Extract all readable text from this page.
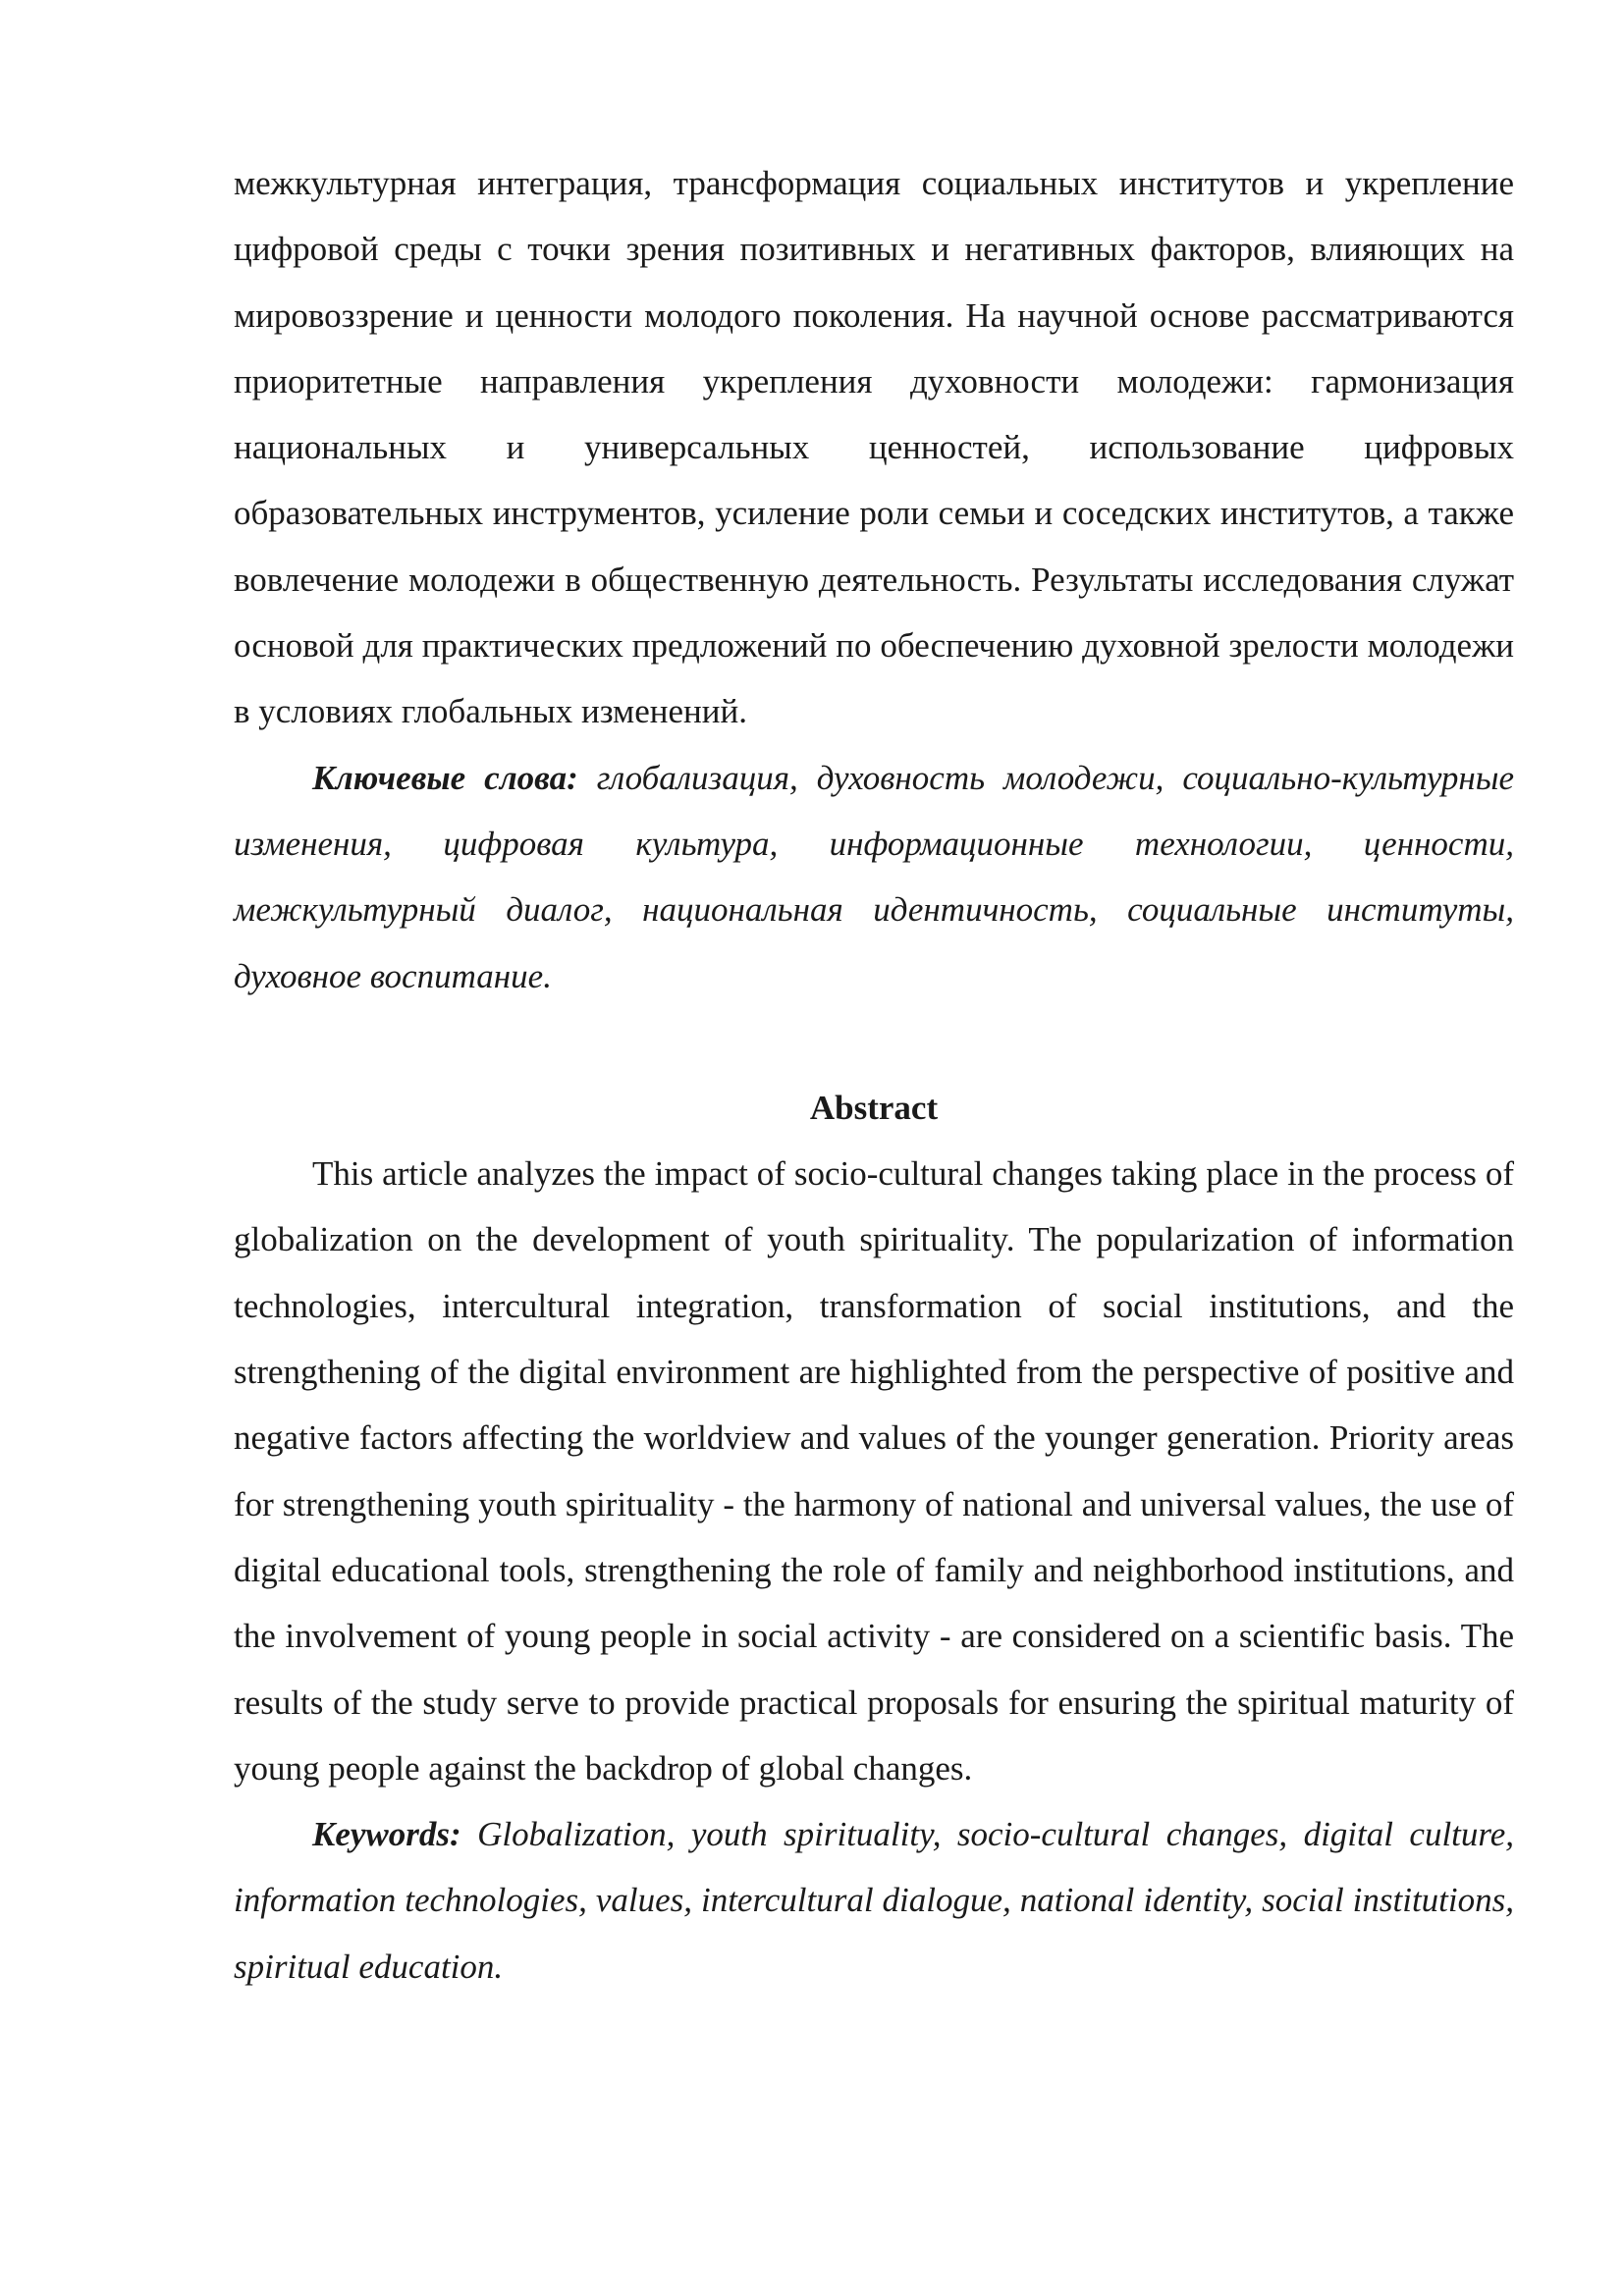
межкультурная интеграция, трансформация социальных институтов и укрепление цифровой среды с точки зрения позитивных и негативных факторов, влияющих на мировоззрение и ценности молодого поколения. На научной основе рассматриваются приоритетные направления укрепления духовности молодежи: гармонизация национальных и универсальных ценностей, использование цифровых образовательных инструментов, усиление роли семьи и соседских институтов, а также вовлечение молодежи в общественную деятельность. Результаты исследования служат основой для практических предложений по обеспечению духовной зрелости молодежи в условиях глобальных изменений.

Ключевые слова: глобализация, духовность молодежи, социально-культурные изменения, цифровая культура, информационные технологии, ценности, межкультурный диалог, национальная идентичность, социальные институты, духовное воспитание.

Abstract

This article analyzes the impact of socio-cultural changes taking place in the process of globalization on the development of youth spirituality. The popularization of information technologies, intercultural integration, transformation of social institutions, and the strengthening of the digital environment are highlighted from the perspective of positive and negative factors affecting the worldview and values of the younger generation. Priority areas for strengthening youth spirituality - the harmony of national and universal values, the use of digital educational tools, strengthening the role of family and neighborhood institutions, and the involvement of young people in social activity - are considered on a scientific basis. The results of the study serve to provide practical proposals for ensuring the spiritual maturity of young people against the backdrop of global changes.

Keywords: Globalization, youth spirituality, socio-cultural changes, digital culture, information technologies, values, intercultural dialogue, national identity, social institutions, spiritual education.
